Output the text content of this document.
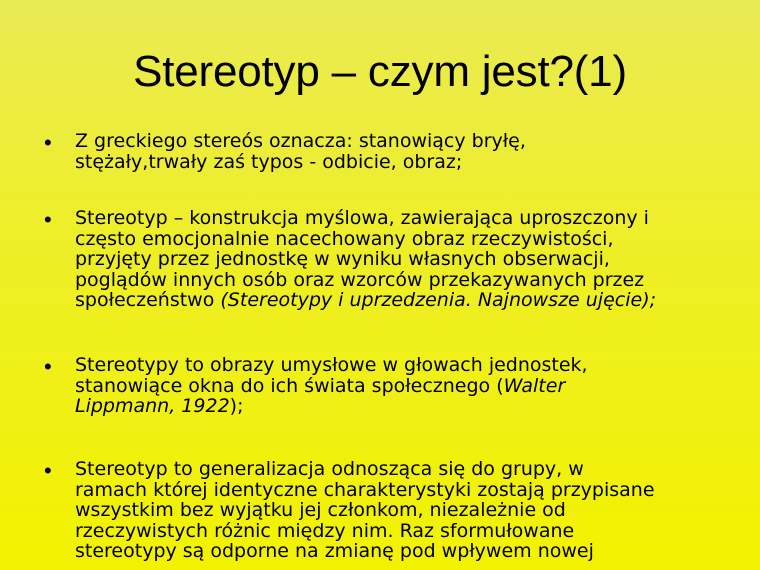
Stereotyp – czym jest?(1)
• Z greckiego stereós oznacza: stanowiący bryłę,
stężały,trwały zaś typos - odbicie, obraz;
• Stereotyp – konstrukcja myślowa, zawierająca uproszczony i
często emocjonalnie nacechowany obraz rzeczywistości,
przyjęty przez jednostkę w wyniku własnych obserwacji,
poglądów innych osób oraz wzorców przekazywanych przez
społeczeństwo (Stereotypy i uprzedzenia. Najnowsze ujęcie);
• Stereotypy to obrazy umysłowe w głowach jednostek,
stanowiące okna do ich świata społecznego (Walter
Lippmann, 1922);
• Stereotyp to generalizacja odnosząca się do grupy, w
ramach której identyczne charakterystyki zostają przypisane
wszystkim bez wyjątku jej członkom, niezależnie od
rzeczywistych różnic między nim. Raz sformułowane
stereotypy są odporne na zmianę pod wpływem nowej
